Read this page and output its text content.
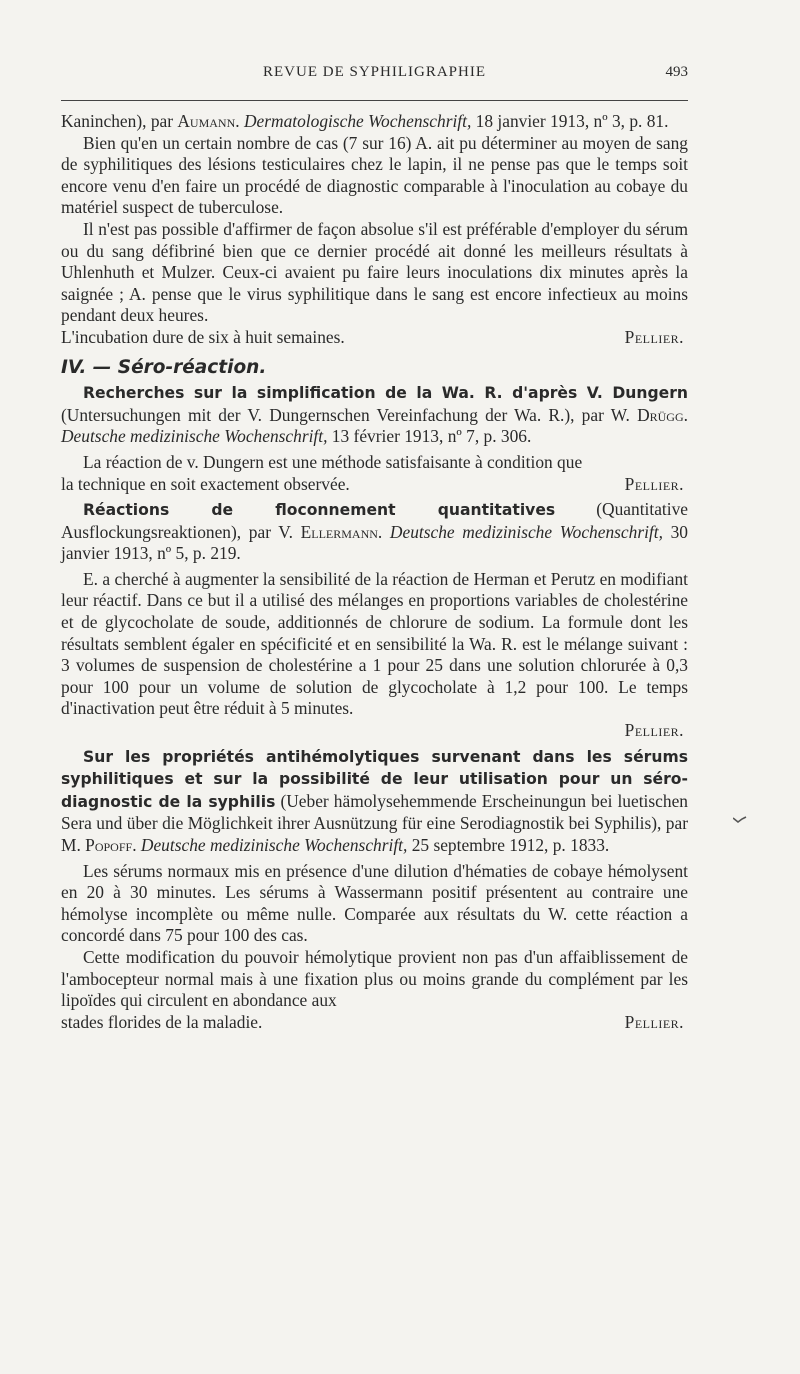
REVUE DE SYPHILIGRAPHIE	493

Kaninchen), par Aumann. Dermatologische Wochenschrift, 18 janvier 1913, nº 3, p. 81.

Bien qu'en un certain nombre de cas (7 sur 16) A. ait pu déterminer au moyen de sang de syphilitiques des lésions testiculaires chez le lapin, il ne pense pas que le temps soit encore venu d'en faire un procédé de diagnostic comparable à l'inoculation au cobaye du matériel suspect de tuberculose.

Il n'est pas possible d'affirmer de façon absolue s'il est préférable d'employer du sérum ou du sang défibriné bien que ce dernier procédé ait donné les meilleurs résultats à Uhlenhuth et Mulzer. Ceux-ci avaient pu faire leurs inoculations dix minutes après la saignée ; A. pense que le virus syphilitique dans le sang est encore infectieux au moins pendant deux heures.

L'incubation dure de six à huit semaines.	Pellier.

IV. — Séro-réaction.

Recherches sur la simplification de la Wa. R. d'après V. Dungern (Untersuchungen mit der V. Dungernschen Vereinfachung der Wa. R.), par W. Drügg. Deutsche medizinische Wochenschrift, 13 février 1913, nº 7, p. 306.

La réaction de v. Dungern est une méthode satisfaisante à condition que

la technique en soit exactement observée.	Pellier.

Réactions de floconnement quantitatives (Quantitative Ausflockungsreaktionen), par V. Ellermann. Deutsche medizinische Wochenschrift, 30 janvier 1913, nº 5, p. 219.

E. a cherché à augmenter la sensibilité de la réaction de Herman et Perutz en modifiant leur réactif. Dans ce but il a utilisé des mélanges en proportions variables de cholestérine et de glycocholate de soude, additionnés de chlorure de sodium. La formule dont les résultats semblent égaler en spécificité et en sensibilité la Wa. R. est le mélange suivant : 3 volumes de suspension de cholestérine a 1 pour 25 dans une solution chlorurée à 0,3 pour 100 pour un volume de solution de glycocholate à 1,2 pour 100. Le temps d'inactivation peut être réduit à 5 minutes.

Pellier.

Sur les propriétés antihémolytiques survenant dans les sérums syphilitiques et sur la possibilité de leur utilisation pour un séro-diagnostic de la syphilis (Ueber hämolysehemmende Erscheinungun bei luetischen Sera und über die Möglichkeit ihrer Ausnützung für eine Serodiagnostik bei Syphilis), par M. Popoff. Deutsche medizinische Wochenschrift, 25 septembre 1912, p. 1833.

Les sérums normaux mis en présence d'une dilution d'hématies de cobaye hémolysent en 20 à 30 minutes. Les sérums à Wassermann positif présentent au contraire une hémolyse incomplète ou même nulle. Comparée aux résultats du W. cette réaction a concordé dans 75 pour 100 des cas.

Cette modification du pouvoir hémolytique provient non pas d'un affaiblissement de l'ambocepteur normal mais à une fixation plus ou moins grande du complément par les lipoïdes qui circulent en abondance aux

stades florides de la maladie.	Pellier.
